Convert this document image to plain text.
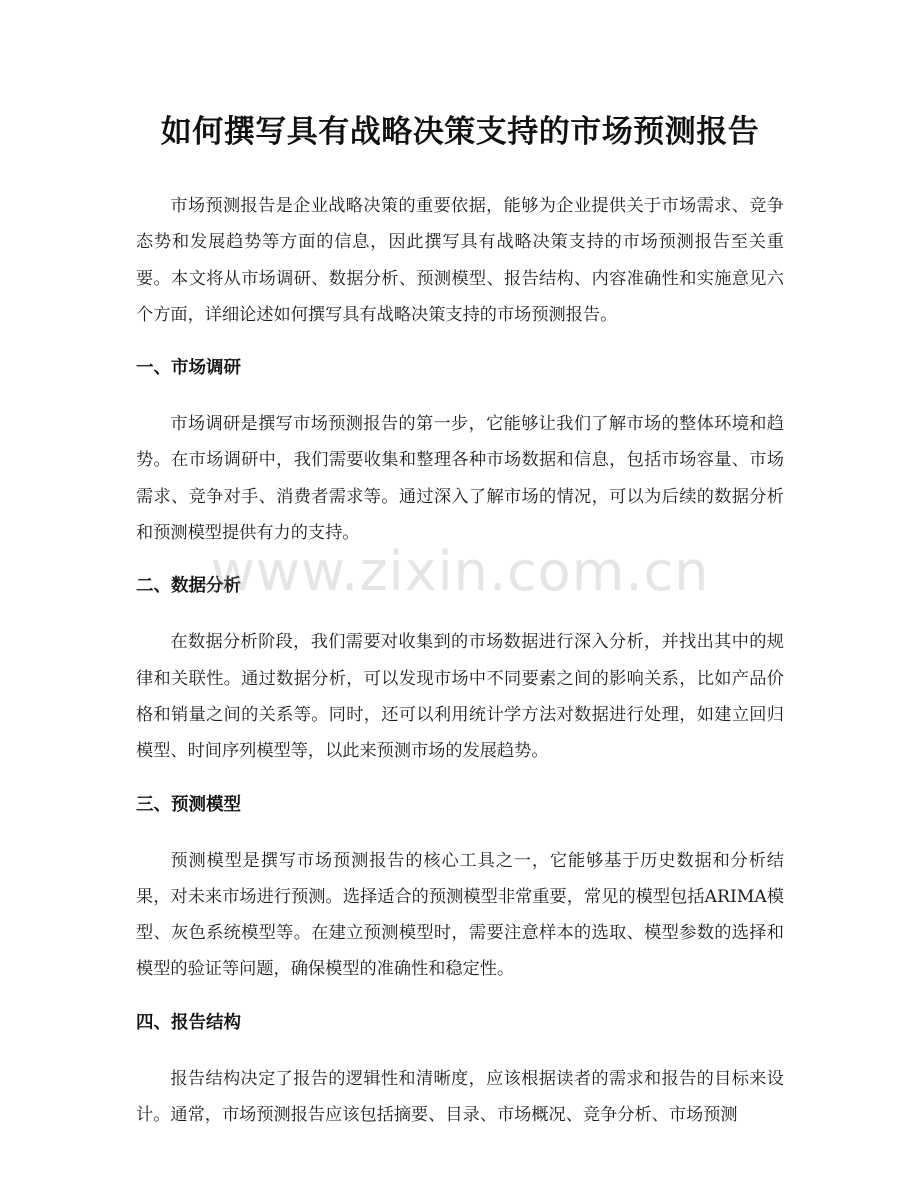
如何撰写具有战略决策支持的市场预测报告

市场预测报告是企业战略决策的重要依据，能够为企业提供关于市场需求、竞争态势和发展趋势等方面的信息，因此撰写具有战略决策支持的市场预测报告至关重要。本文将从市场调研、数据分析、预测模型、报告结构、内容准确性和实施意见六个方面，详细论述如何撰写具有战略决策支持的市场预测报告。

一、市场调研

市场调研是撰写市场预测报告的第一步，它能够让我们了解市场的整体环境和趋势。在市场调研中，我们需要收集和整理各种市场数据和信息，包括市场容量、市场需求、竞争对手、消费者需求等。通过深入了解市场的情况，可以为后续的数据分析和预测模型提供有力的支持。

二、数据分析

在数据分析阶段，我们需要对收集到的市场数据进行深入分析，并找出其中的规律和关联性。通过数据分析，可以发现市场中不同要素之间的影响关系，比如产品价格和销量之间的关系等。同时，还可以利用统计学方法对数据进行处理，如建立回归模型、时间序列模型等，以此来预测市场的发展趋势。

三、预测模型

预测模型是撰写市场预测报告的核心工具之一，它能够基于历史数据和分析结果，对未来市场进行预测。选择适合的预测模型非常重要，常见的模型包括ARIMA模型、灰色系统模型等。在建立预测模型时，需要注意样本的选取、模型参数的选择和模型的验证等问题，确保模型的准确性和稳定性。

四、报告结构

报告结构决定了报告的逻辑性和清晰度，应该根据读者的需求和报告的目标来设计。通常，市场预测报告应该包括摘要、目录、市场概况、竞争分析、市场预测

www.zixin.com.cn
